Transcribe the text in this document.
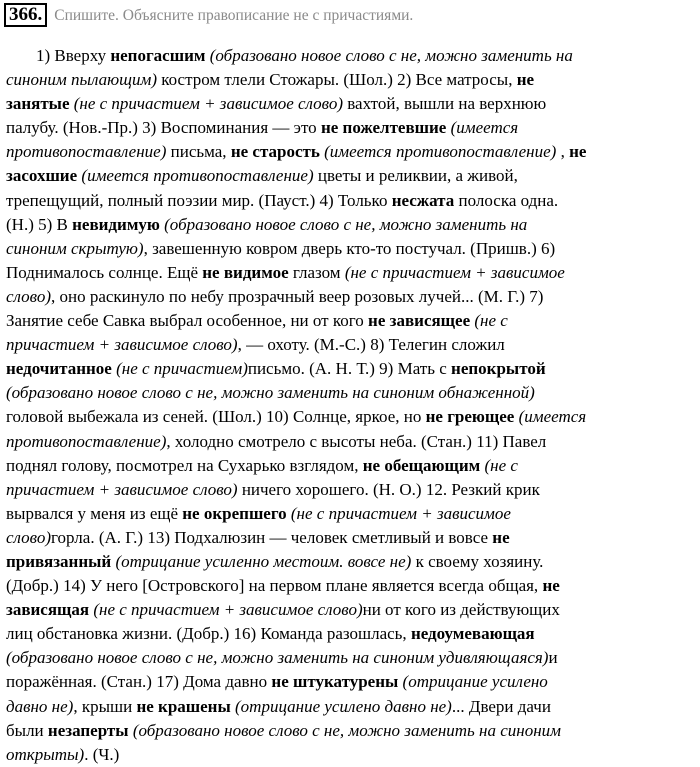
366. Спишите. Объясните правописание не с причастиями.
1) Вверху непогасшим (образовано новое слово с не, можно заменить на
синоним пылающим) костром тлели Стожары. (Шол.) 2) Все матросы, не
занятые (не с причастием + зависимое слово) вахтой, вышли на верхнюю
палубу. (Нов.-Пр.) 3) Воспоминания — это не пожелтевшие (имеется
противопоставление) письма, не старость (имеется противопоставление) , не
засохшие (имеется противопоставление) цветы и реликвии, а живой,
трепещущий, полный поэзии мир. (Пауст.) 4) Только несжата полоска одна.
(Н.) 5) В невидимую (образовано новое слово с не, можно заменить на
синоним скрытую), завешенную ковром дверь кто-то постучал. (Пришв.) 6)
Поднималось солнце. Ещё не видимое глазом (не с причастием + зависимое
слово), оно раскинуло по небу прозрачный веер розовых лучей... (М. Г.) 7)
Занятие себе Савка выбрал особенное, ни от кого не зависящее (не с
причастием + зависимое слово), — охоту. (М.-С.) 8) Телегин сложил
недочитанное (не с причастием)письмо. (А. Н. Т.) 9) Мать с непокрытой
(образовано новое слово с не, можно заменить на синоним обнаженной)
головой выбежала из сеней. (Шол.) 10) Солнце, яркое, но не греющее (имеется
противопоставление), холодно смотрело с высоты неба. (Стан.) 11) Павел
поднял голову, посмотрел на Сухарько взглядом, не обещающим (не с
причастием + зависимое слово) ничего хорошего. (Н. О.) 12. Резкий крик
вырвался у меня из ещё не окрепшего (не с причастием + зависимое
слово)горла. (А. Г.) 13) Подхалюзин — человек сметливый и вовсе не
привязанный (отрицание усиленно местоим. вовсе не) к своему хозяину.
(Добр.) 14) У него [Островского] на первом плане является всегда общая, не
зависящая (не с причастием + зависимое слово)ни от кого из действующих
лиц обстановка жизни. (Добр.) 16) Команда разошлась, недоумевающая
(образовано новое слово с не, можно заменить на синоним удивляющаяся)и
поражённая. (Стан.) 17) Дома давно не штукатурены (отрицание усилено
давно не), крыши не крашены (отрицание усилено давно не)... Двери дачи
были незаперты (образовано новое слово с не, можно заменить на синоним
открыты). (Ч.)
